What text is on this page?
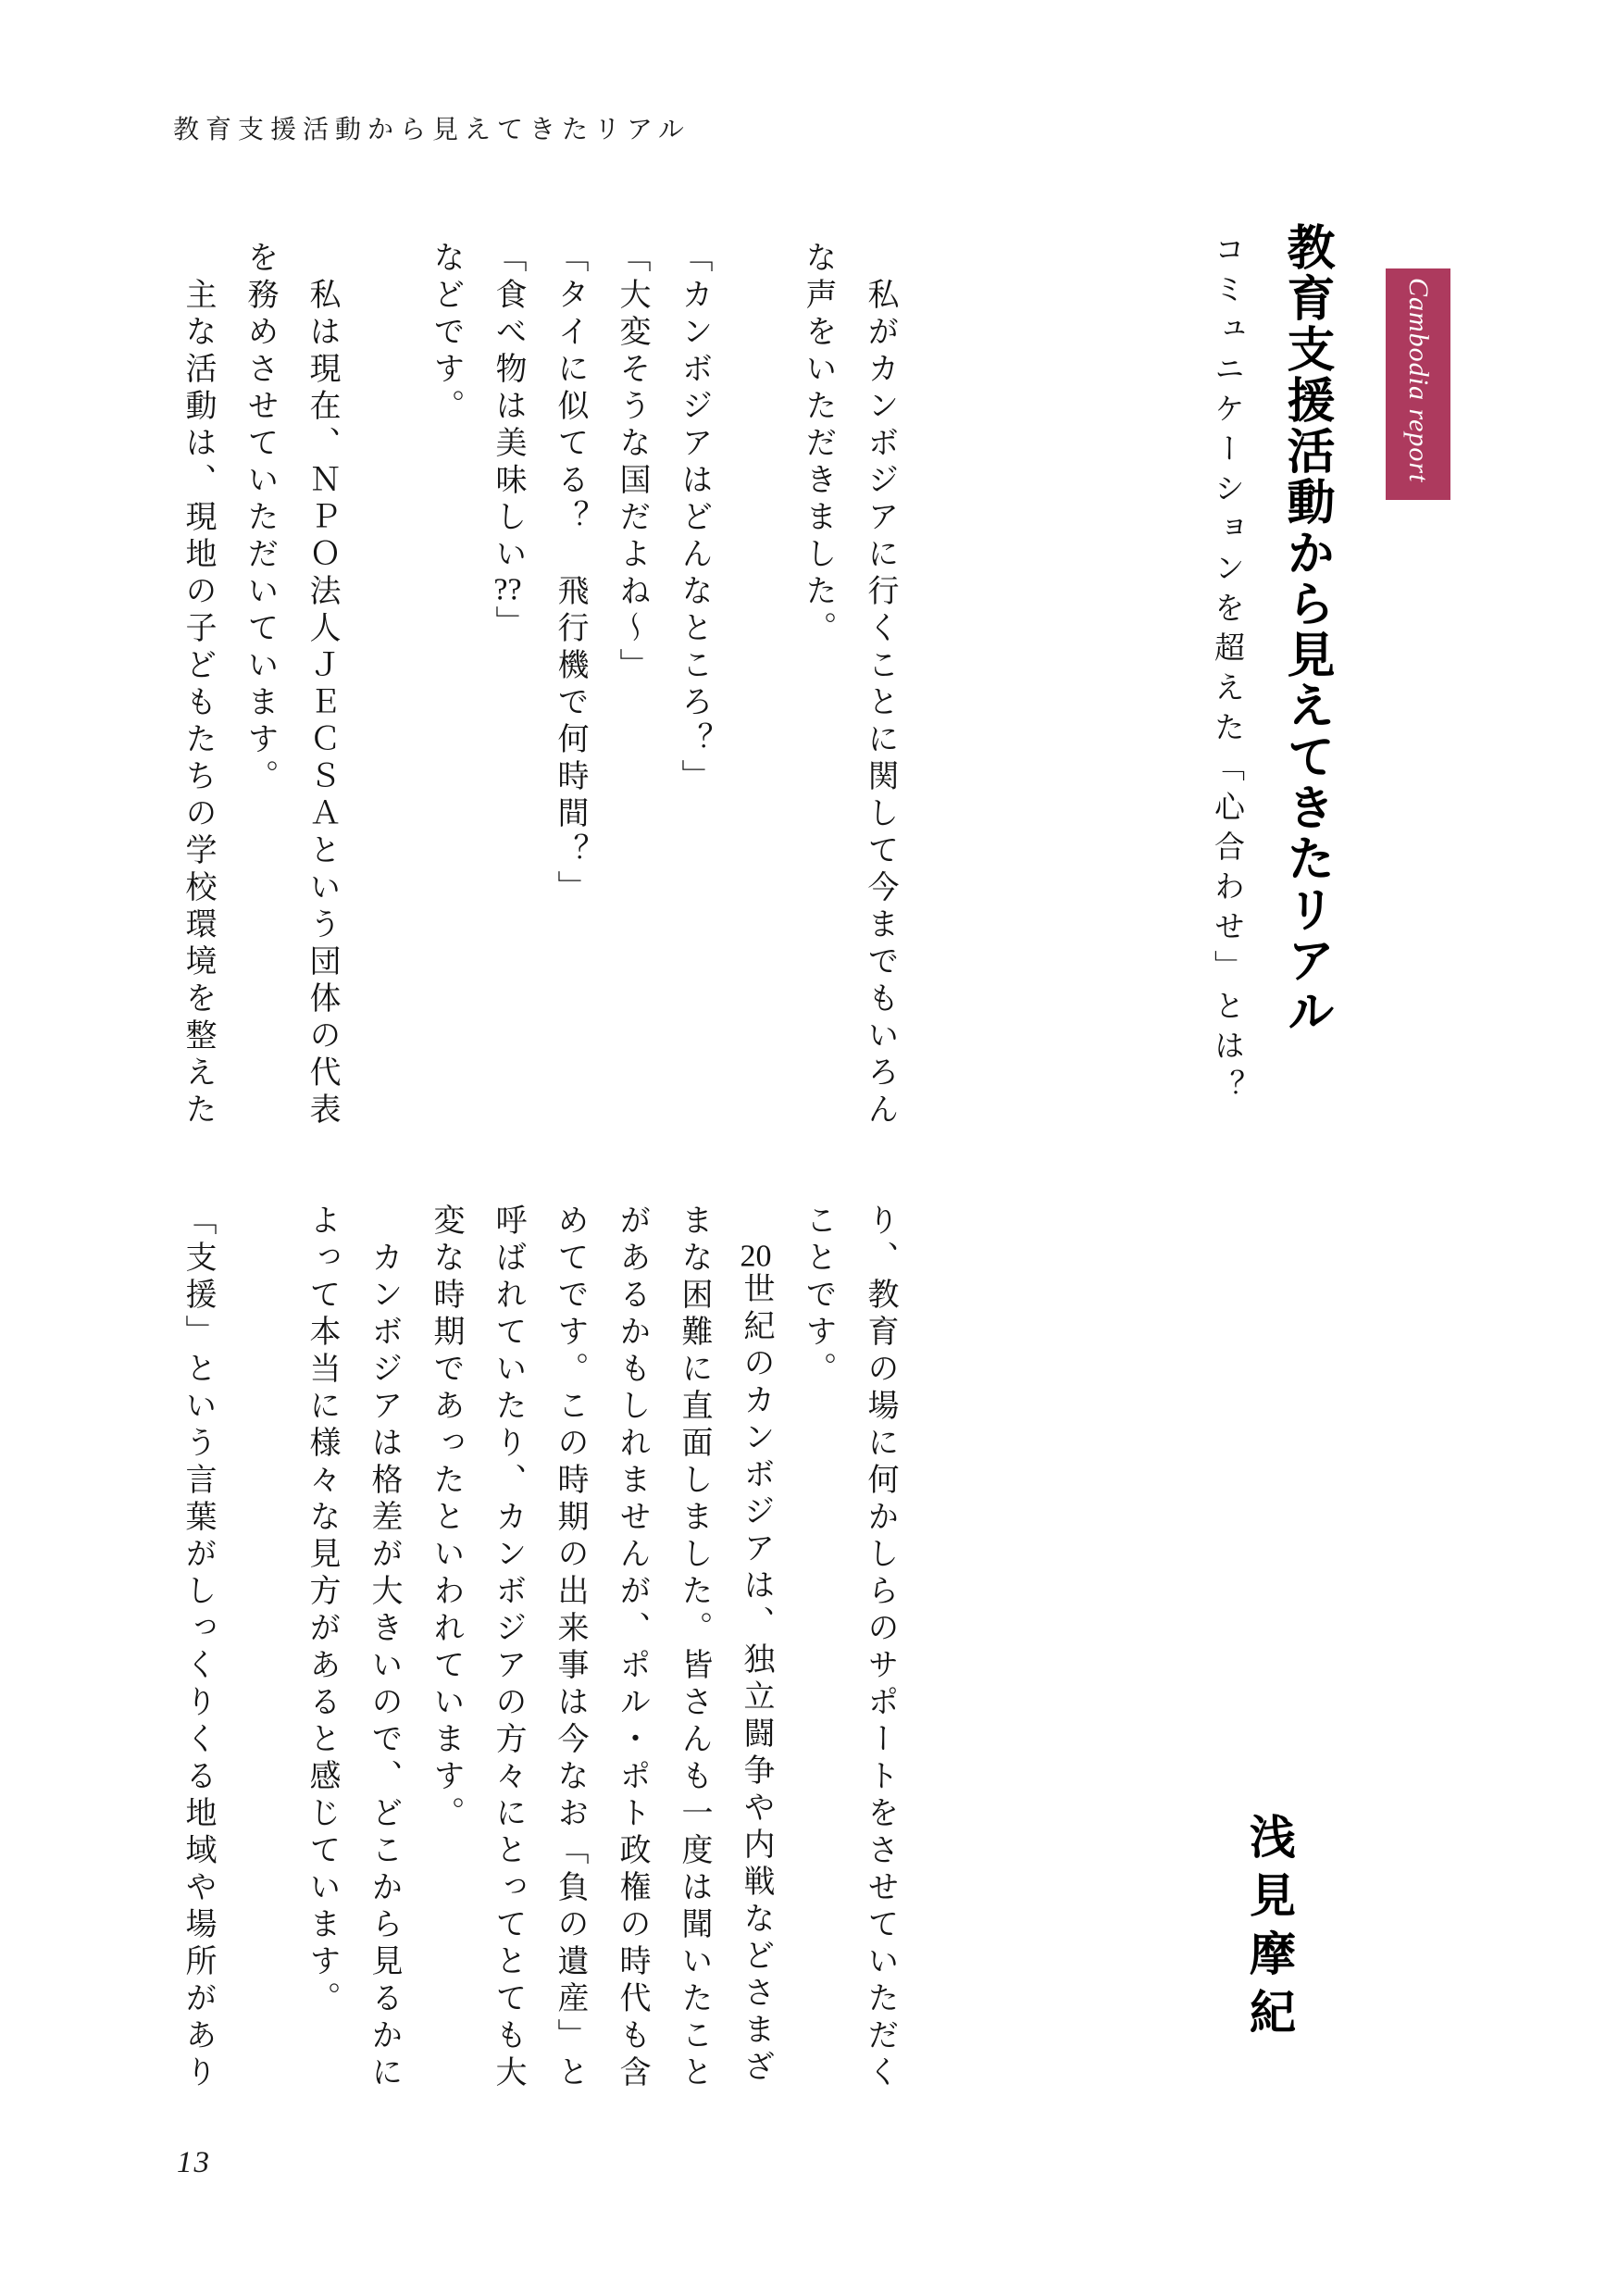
教育支援活動から見えてきたリアル
Cambodia report
教育支援活動から見えてきたリアル
コミュニケーションを超えた「心合わせ」とは？
浅見摩紀
私がカンボジアに行くことに関して今までもいろん
な声をいただきました。
「カンボジアはどんなところ？」
「大変そうな国だよね〜」
「タイに似てる？　飛行機で何時間？」
「食べ物は美味しい??」
などです。
私は現在、ＮＰＯ法人ＪＥＣＳＡという団体の代表
を務めさせていただいています。
主な活動は、現地の子どもたちの学校環境を整えた
り、教育の場に何かしらのサポートをさせていただく
ことです。
20世紀のカンボジアは、独立闘争や内戦などさまざ
まな困難に直面しました。皆さんも一度は聞いたこと
があるかもしれませんが、ポル・ポト政権の時代も含
めてです。この時期の出来事は今なお「負の遺産」と
呼ばれていたり、カンボジアの方々にとってとても大
変な時期であったといわれています。
カンボジアは格差が大きいので、どこから見るかに
よって本当に様々な見方があると感じています。
「支援」という言葉がしっくりくる地域や場所があり
13
